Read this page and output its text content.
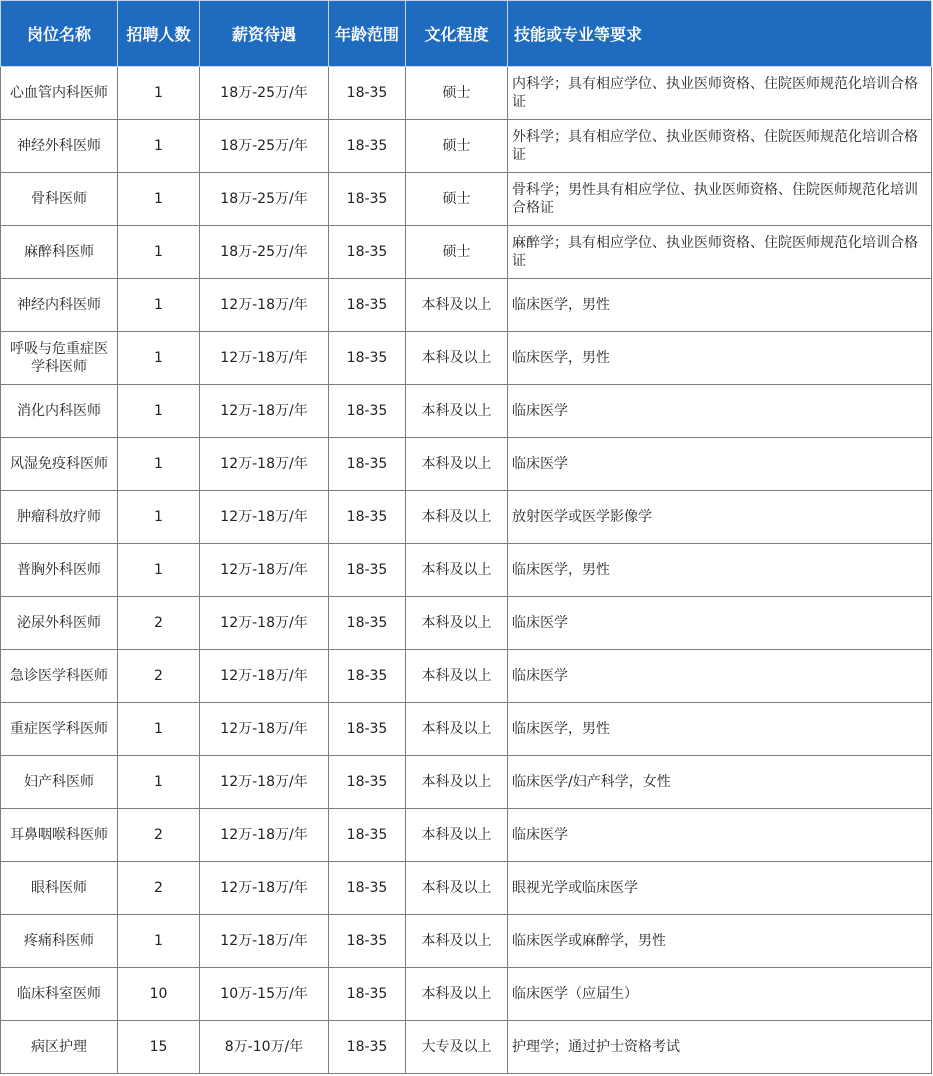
岗位名称	招聘人数	薪资待遇	年龄范围	文化程度	技能或专业等要求
心血管内科医师	1	18万-25万/年	18-35	硕士	内科学；具有相应学位、执业医师资格、住院医师规范化培训合格证
神经外科医师	1	18万-25万/年	18-35	硕士	外科学；具有相应学位、执业医师资格、住院医师规范化培训合格证
骨科医师	1	18万-25万/年	18-35	硕士	骨科学；男性具有相应学位、执业医师资格、住院医师规范化培训合格证
麻醉科医师	1	18万-25万/年	18-35	硕士	麻醉学；具有相应学位、执业医师资格、住院医师规范化培训合格证
神经内科医师	1	12万-18万/年	18-35	本科及以上	临床医学，男性
呼吸与危重症医学科医师	1	12万-18万/年	18-35	本科及以上	临床医学，男性
消化内科医师	1	12万-18万/年	18-35	本科及以上	临床医学
风湿免疫科医师	1	12万-18万/年	18-35	本科及以上	临床医学
肿瘤科放疗师	1	12万-18万/年	18-35	本科及以上	放射医学或医学影像学
普胸外科医师	1	12万-18万/年	18-35	本科及以上	临床医学，男性
泌尿外科医师	2	12万-18万/年	18-35	本科及以上	临床医学
急诊医学科医师	2	12万-18万/年	18-35	本科及以上	临床医学
重症医学科医师	1	12万-18万/年	18-35	本科及以上	临床医学，男性
妇产科医师	1	12万-18万/年	18-35	本科及以上	临床医学/妇产科学，女性
耳鼻咽喉科医师	2	12万-18万/年	18-35	本科及以上	临床医学
眼科医师	2	12万-18万/年	18-35	本科及以上	眼视光学或临床医学
疼痛科医师	1	12万-18万/年	18-35	本科及以上	临床医学或麻醉学，男性
临床科室医师	10	10万-15万/年	18-35	本科及以上	临床医学（应届生）
病区护理	15	8万-10万/年	18-35	大专及以上	护理学；通过护士资格考试
